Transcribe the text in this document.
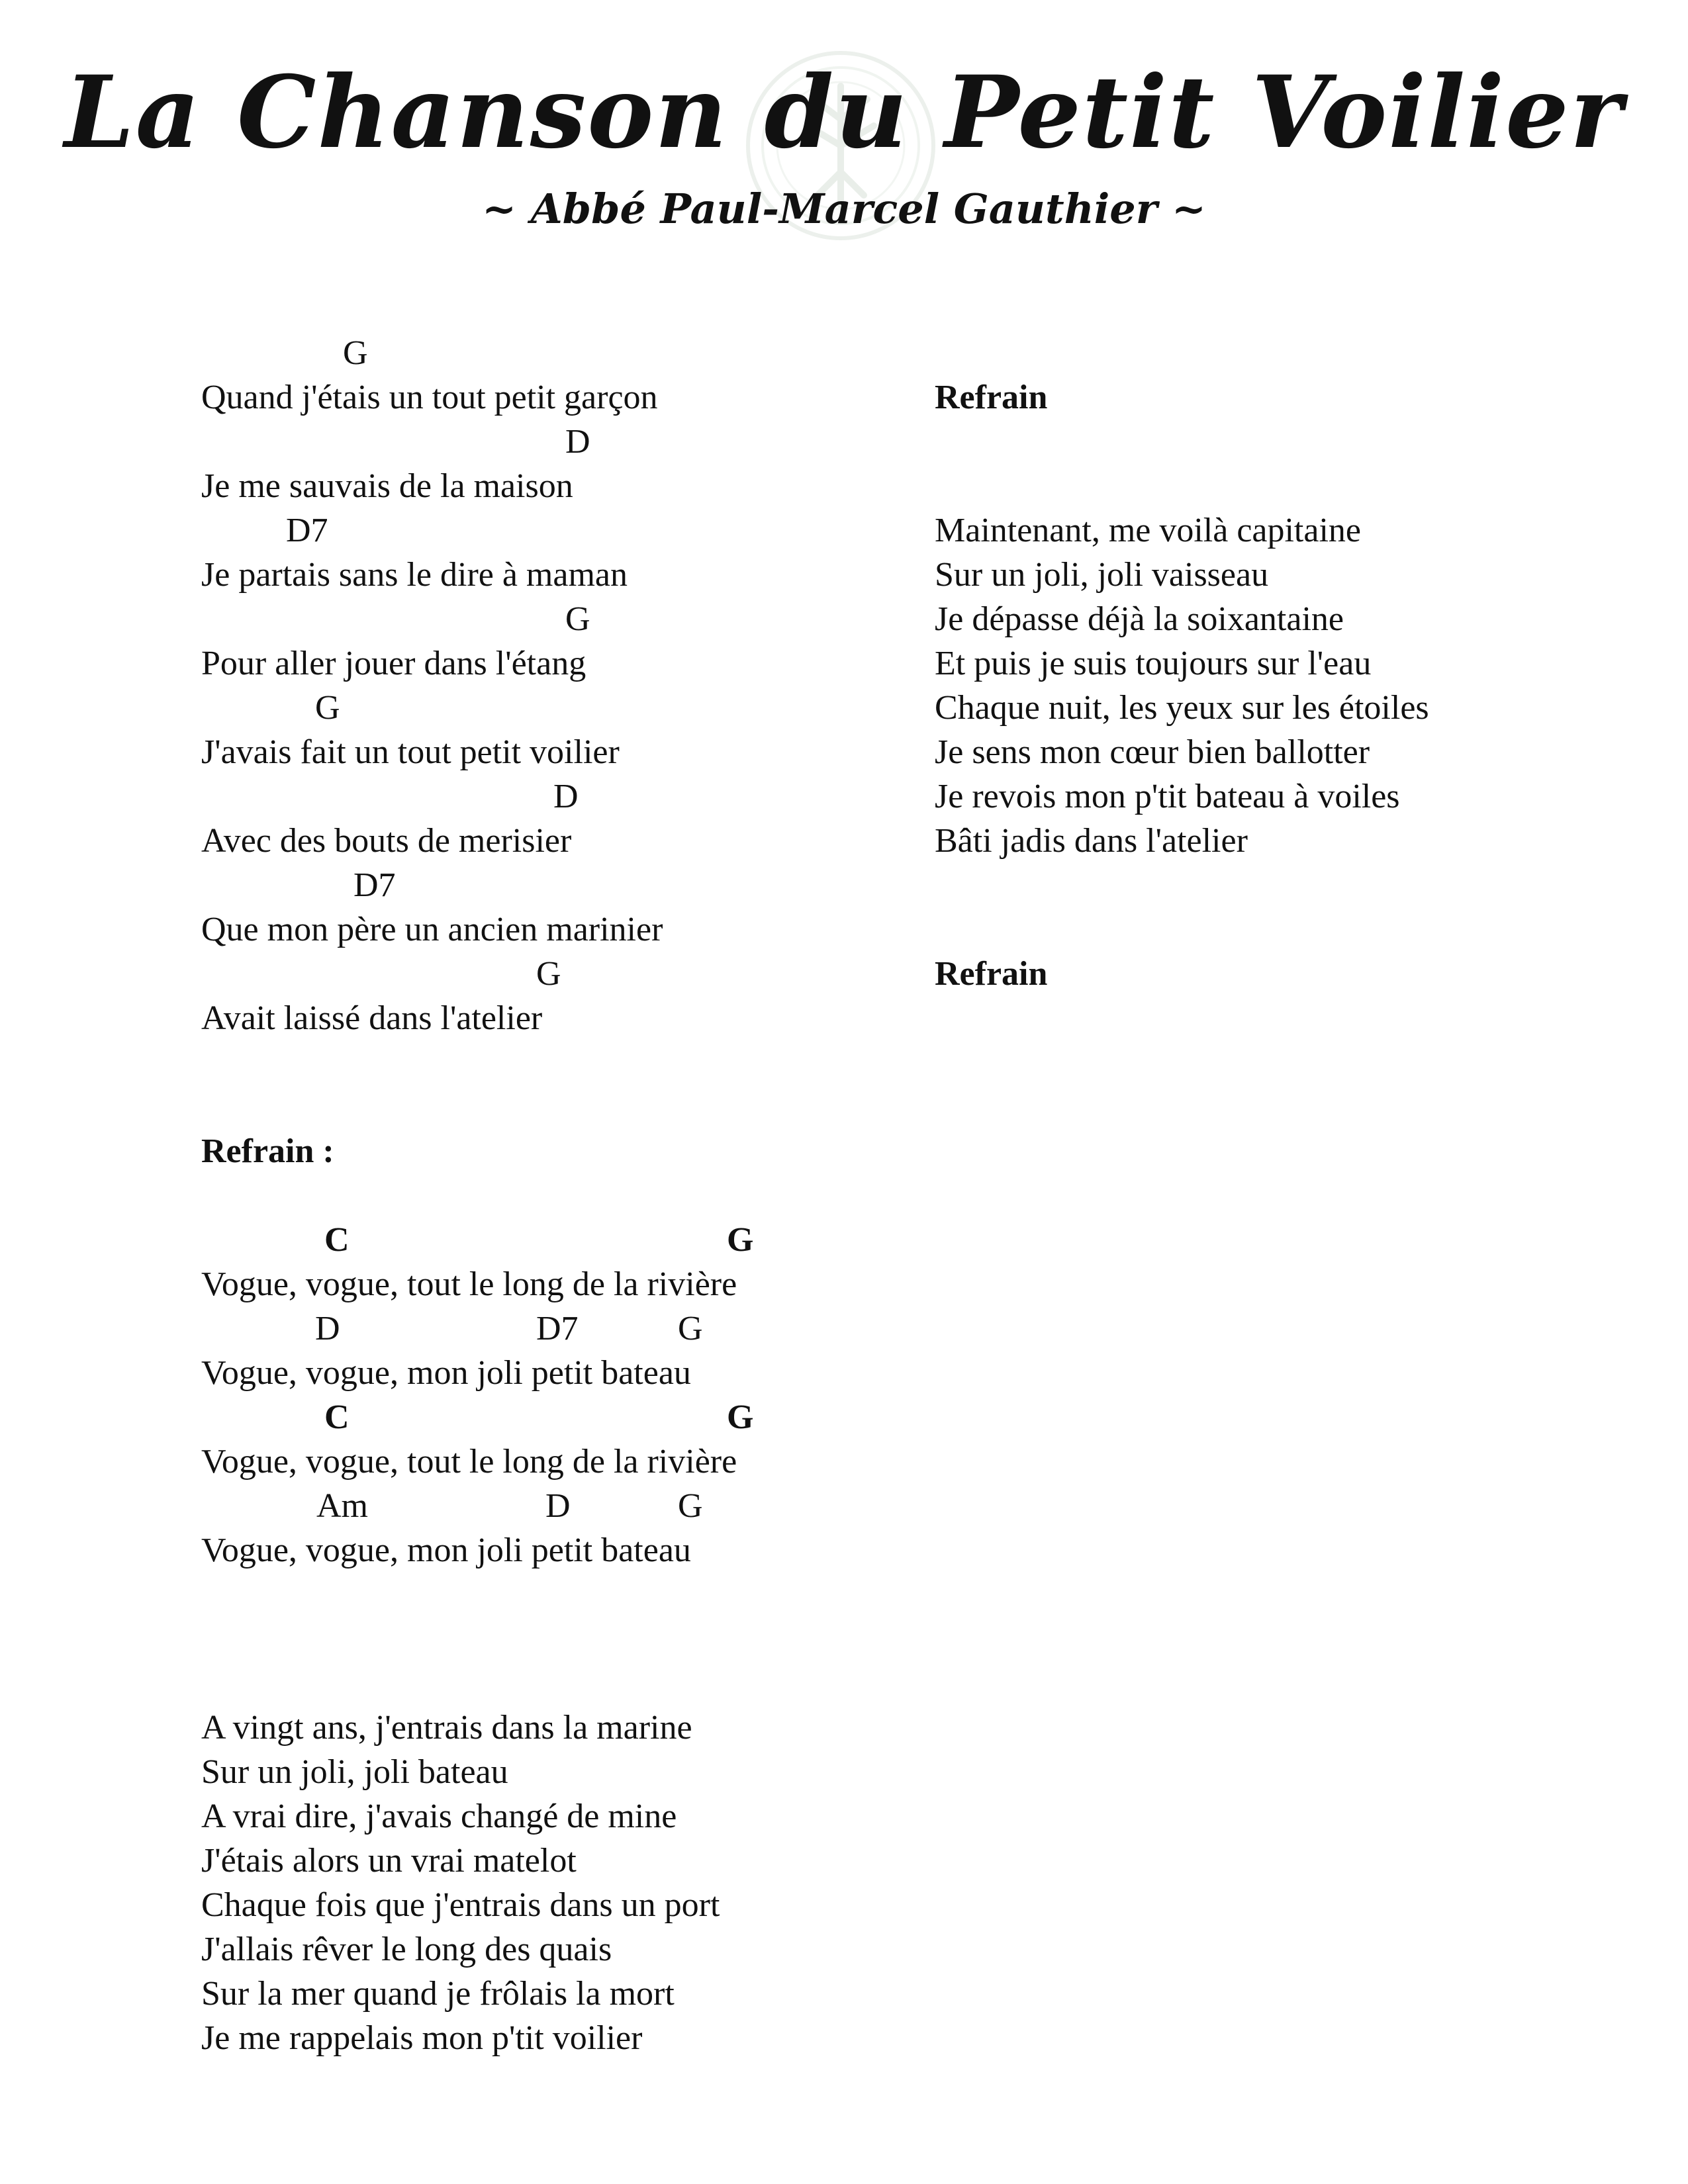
La Chanson du Petit Voilier
~ Abbé Paul-Marcel Gauthier ~
G
Quand j'étais un tout petit garçon
D
Je me sauvais de la maison
D7
Je partais sans le dire à maman
G
Pour aller jouer dans l'étang
G
J'avais fait un tout petit voilier
D
Avec des bouts de merisier
D7
Que mon père un ancien marinier
G
Avait laissé dans l'atelier
Refrain :
C	G
Vogue, vogue, tout le long de la rivière
D	D7	G
Vogue, vogue, mon joli petit bateau
C	G
Vogue, vogue, tout le long de la rivière
Am	D	G
Vogue, vogue, mon joli petit bateau
A vingt ans, j'entrais dans la marine
Sur un joli, joli bateau
A vrai dire, j'avais changé de mine
J'étais alors un vrai matelot
Chaque fois que j'entrais dans un port
J'allais rêver le long des quais
Sur la mer quand je frôlais la mort
Je me rappelais mon p'tit voilier
Refrain
Maintenant, me voilà capitaine
Sur un joli, joli vaisseau
Je dépasse déjà la soixantaine
Et puis je suis toujours sur l'eau
Chaque nuit, les yeux sur les étoiles
Je sens mon cœur bien ballotter
Je revois mon p'tit bateau à voiles
Bâti jadis dans l'atelier
Refrain
